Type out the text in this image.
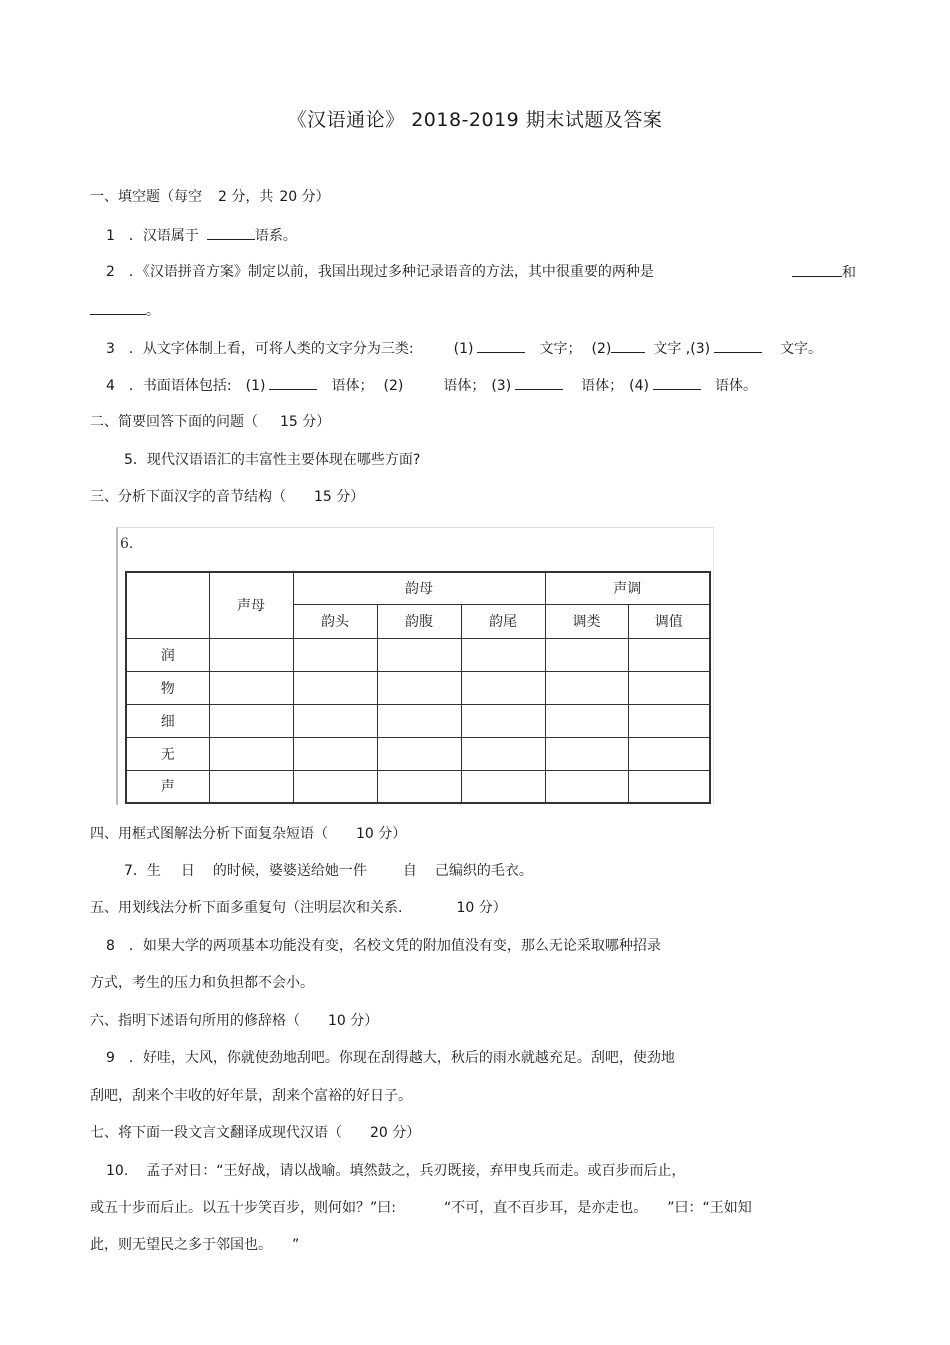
《汉语通论》 2018-2019 期末试题及答案
一、填空题（每空 2 分，共 20 分）
1 ．汉语属于	语系。
2 ．《汉语拼音方案》制定以前，我国出现过多种记录语音的方法，其中很重要的两种是	和
。
3 ．从文字体制上看，可将人类的文字分为三类:	(1)	文字； (2)	文字 ,(3)	文字。
4 ．书面语体包括: (1)	语体； (2)	语体； (3)	语体； (4)	语体。
二、简要回答下面的问题（ 15 分）
5．现代汉语语汇的丰富性主要体现在哪些方面?
三、分析下面汉字的音节结构（ 15 分）
6.
	声母	韵母			声调	
		韵头	韵腹	韵尾	调类	调值
润						
物						
细						
无						
声						
四、用框式图解法分析下面复杂短语（ 10 分）
7．生 日 的时候，婆婆送给她一件	自 己编织的毛衣。
五、用划线法分析下面多重复句（注明层次和关系.	10 分）
8 ．如果大学的两项基本功能没有变，名校文凭的附加值没有变，那么无论采取哪种招录
方式，考生的压力和负担都不会小。
六、指明下述语句所用的修辞格（ 10 分）
9 ．好哇，大风，你就使劲地刮吧。你现在刮得越大，秋后的雨水就越充足。刮吧，使劲地
刮吧，刮来个丰收的好年景，刮来个富裕的好日子。
七、将下面一段文言文翻译成现代汉语（ 20 分）
10. 孟子对日：“王好战，请以战喻。填然鼓之，兵刃既接，弃甲曳兵而走。或百步而后止，
或五十步而后止。以五十步笑百步，则何如？”曰:	“不可，直不百步耳，是亦走也。 ”曰：“王如知
此，则无望民之多于邻国也。 ”
